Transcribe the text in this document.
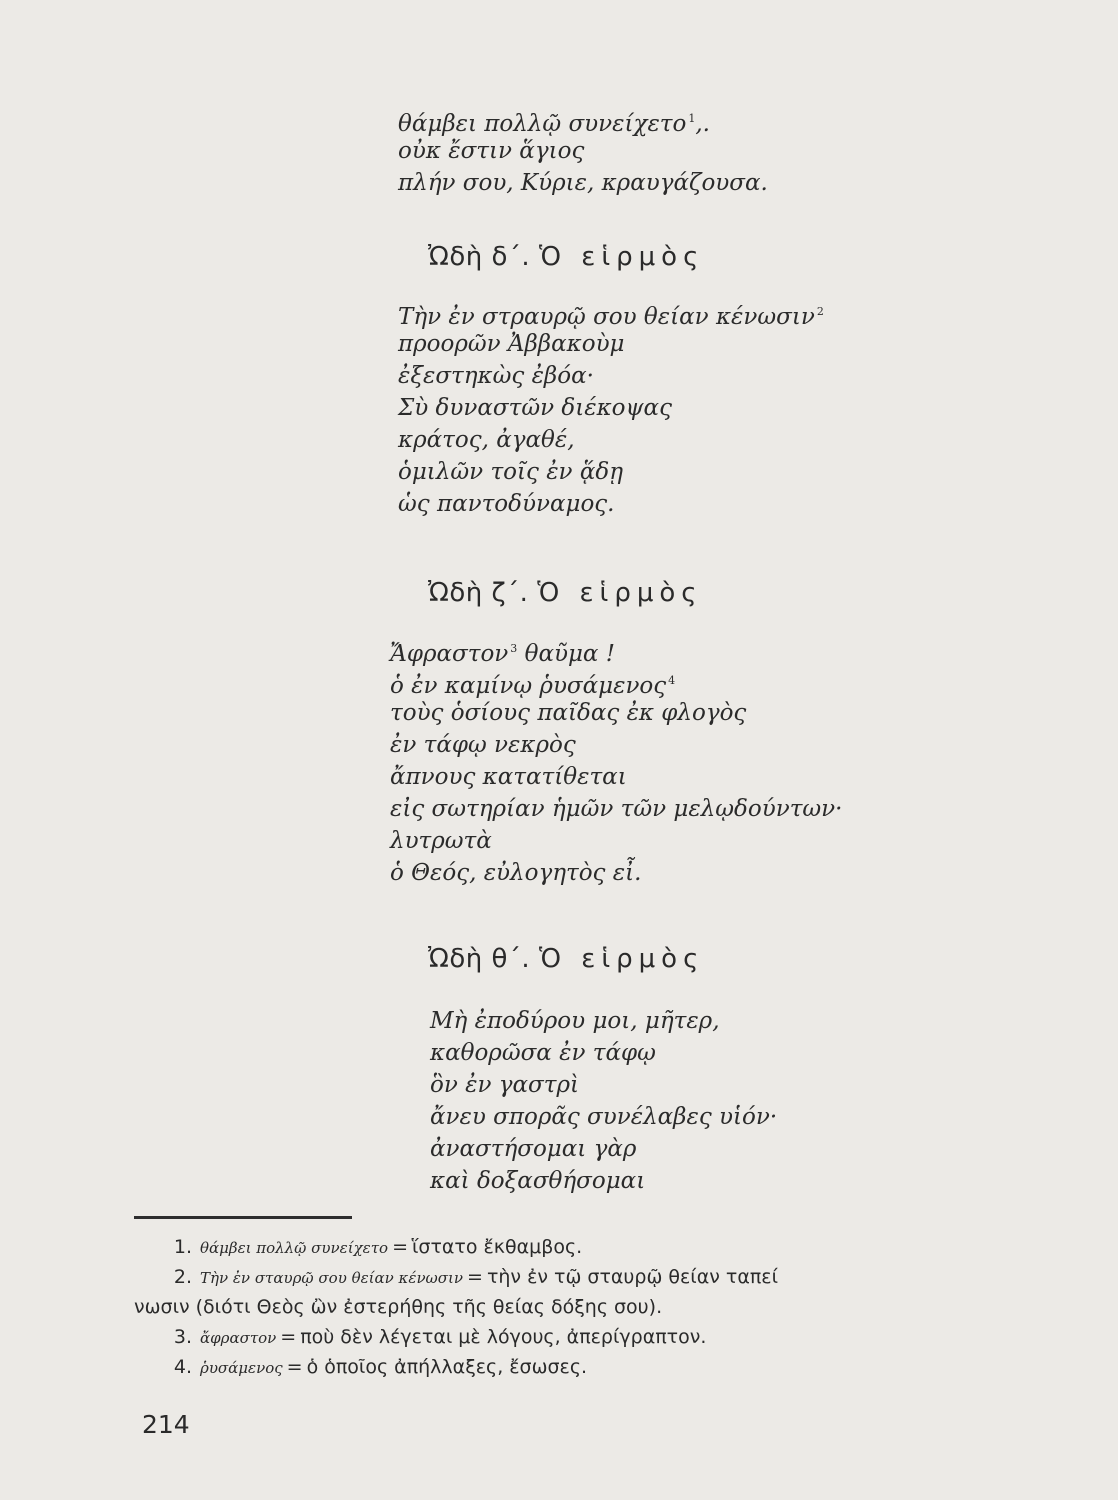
θάμβει πολλῷ συνείχετο $^1$,.
οὐκ ἔστιν ἅγιος
πλήν σου, Κύριε, κραυγάζουσα.
Ὠδὴ δ΄. Ὁ εἱρμὸς
Τὴν ἐν στραυρῷ σου θείαν κένωσιν $^2$
προορῶν Ἀββακοὺμ
ἐξεστηκὼς ἐβόα·
Σὺ δυναστῶν διέκοψας
κράτος, ἀγαθέ,
ὁμιλῶν τοῖς ἐν ᾅδῃ
ὡς παντοδύναμος.
Ὠδὴ ζ΄. Ὁ εἱρμὸς
Ἄφραστον $^3$ θαῦμα !
ὁ ἐν καμίνῳ ῥυσάμενος $^4$
τοὺς ὁσίους παῖδας ἐκ φλογὸς
ἐν τάφῳ νεκρὸς
ἄπνους κατατίθεται
εἰς σωτηρίαν ἡμῶν τῶν μελῳδούντων·
λυτρωτὰ
ὁ Θεός, εὐλογητὸς εἶ.
Ὠδὴ θ΄. Ὁ εἱρμὸς
Μὴ ἐποδύρου μοι, μῆτερ,
καθορῶσα ἐν τάφῳ
ὃν ἐν γαστρὶ
ἄνευ σπορᾶς συνέλαβες υἱόν·
ἀναστήσομαι γὰρ
καὶ δοξασθήσομαι
1. θάμβει πολλῷ συνείχετο = ἵστατο ἔκθαμβος.
2. Τὴν ἐν σταυρῷ σου θείαν κένωσιν = τὴν ἐν τῷ σταυρῷ θείαν ταπεί
νωσιν (διότι Θεὸς ὢν ἐστερήθης τῆς θείας δόξης σου).
3. ἄφραστον = ποὺ δὲν λέγεται μὲ λόγους, ἀπερίγραπτον.
4. ῥυσάμενος = ὁ ὁποῖος ἀπήλλαξες, ἔσωσες.
214
